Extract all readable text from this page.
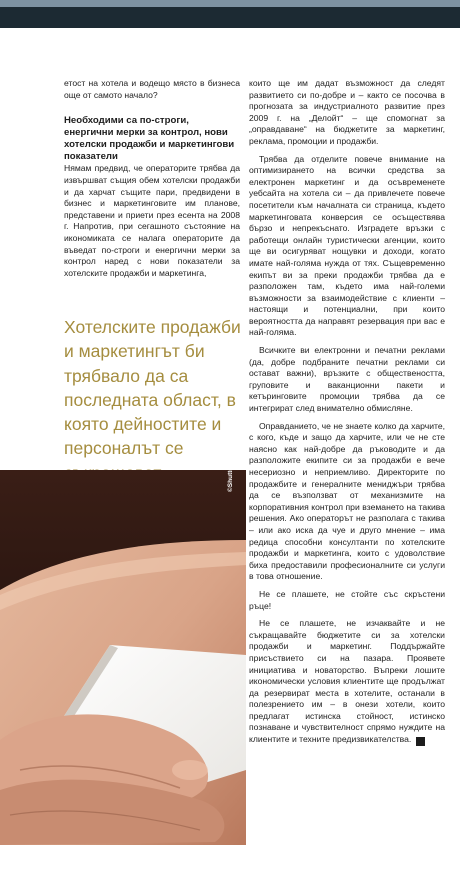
етост на хотела и водещо място в бизнеса още от самото начало?

Необходими са по-строги, енергични мерки за контрол, нови хотелски продажби и маркетингови показатели

Нямам предвид, че операторите трябва да извършват същия обем хотелски продажби и да харчат същите пари, предвидени в бизнес и маркетинговите им планове, представени и приети през есента на 2008 г. Напротив, при сегашното състояние на икономиката се налага операторите да въведат по-строги и енергични мерки за контрол наред с нови показатели за хотелските продажби и маркетинга,

Хотелските продажби и маркетингът би трябвало да са последната област, в която дейностите и персоналът се	©Shutterstock

които ще им дадат възможност да следят развитието си по-добре и – както се посочва в прогнозата за индустриалното развитие през 2009 г. на „Делойт“ – ще спомогнат за „оправдаване“ на бюджетите за маркетинг, реклама, промоции и продажби.

Трябва да отделите повече внимание на оптимизирането на всички средства за електронен маркетинг и да осъвременете уебсайта на хотела си – да привлечете повече посетители към началната си страница, където маркетинговата конверсия се осъществява бързо и непрекъснато. Изградете връзки с работещи онлайн туристически агенции, които ще ви осигуряват нощувки и доходи, когато имате най-голяма нужда от тях. Същевременно екипът ви за преки продажби трябва да е разположен там, където има най-големи възможности за взаимодействие с клиенти – настоящи и потенциални, при които вероятността да направят резервация при вас е най-голяма.

Всичките ви електронни и печатни реклами (да, добре подбраните печатни реклами си остават важни), връзките с обществеността, груповите и ваканционни пакети и кетъринговите промоции трябва да се интегрират след внимателно обмисляне.

Оправданието, че не знаете колко да харчите, с кого, къде и защо да харчите, или че не сте наясно как най-добре да ръководите и да разположите екипите си за продажби е вече несериозно и неприемливо. Директорите по продажбите и генералните мениджъри трябва да се възползват от механизмите на корпоративния контрол при вземането на такива решения. Ако операторът не разполага с такива – или ако иска да чуе и друго мнение – има редица способни консултанти по хотелските продажби и маркетинга, които с удоволствие биха предоставили професионалните си услуги в това отношение.

Не се плашете, не стойте със скръстени ръце!

Не се плашете, не изчаквайте и не съкращавайте бюджетите си за хотелски продажби и маркетинг. Поддържайте присъствието си на пазара. Проявете инициатива и новаторство. Въпреки лошите икономически условия клиентите ще продължат да резервират места в хотелите, останали в полезрението им – в онези хотели, които предлагат истинска стойност, истинско познаване и чувствителност спрямо нуждите на клиентите и техните предизвикателства. H
